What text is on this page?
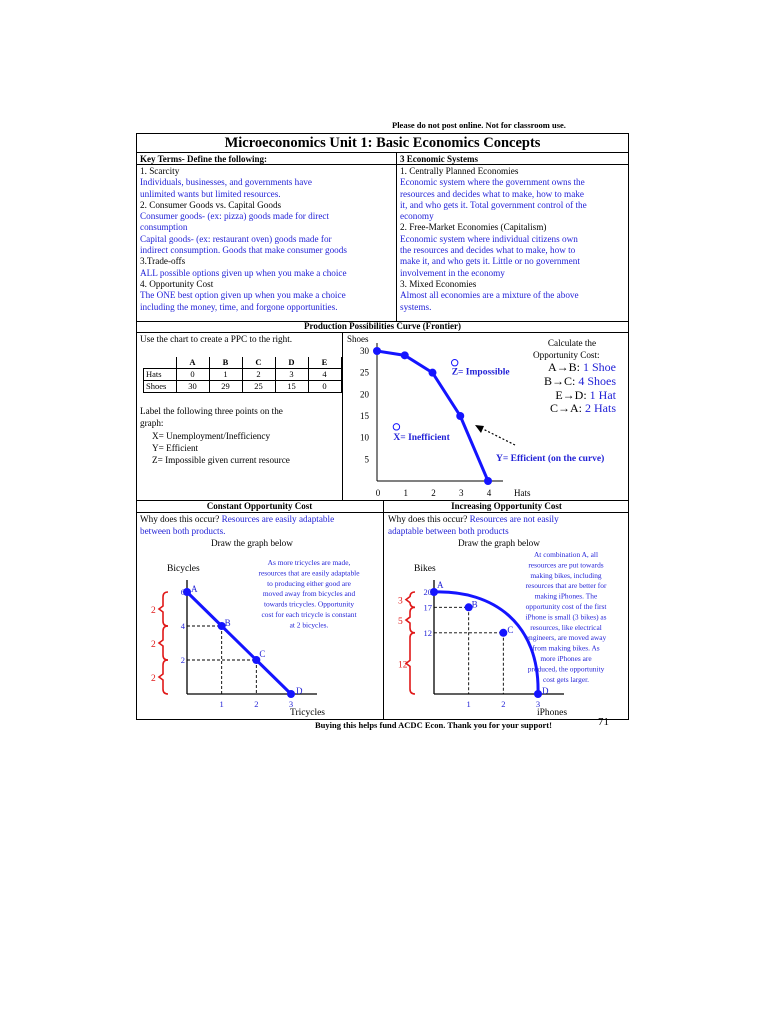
Please do not post online. Not for classroom use.
Microeconomics Unit 1: Basic Economics Concepts
Key Terms- Define the following:
1. Scarcity
Individuals, businesses, and governments have
unlimited wants but limited resources.
2. Consumer Goods vs. Capital Goods
Consumer goods- (ex: pizza) goods made for direct
consumption
Capital goods- (ex: restaurant oven) goods made for
indirect consumption. Goods that make consumer goods
3.Trade-offs
ALL possible options given up when you make a choice
4. Opportunity Cost
The ONE best option given up when you make a choice
including the money, time, and forgone opportunities.
3 Economic Systems
1. Centrally Planned Economies
Economic system where the government owns the
resources and decides what to make, how to make
it, and who gets it. Total government control of the
economy
2. Free-Market Economies (Capitalism)
Economic system where individual citizens own
the resources and decides what to make, how to
make it, and who gets it. Little or no government
involvement in the economy
3. Mixed Economies
Almost all economies are a mixture of the above
systems.
Production Possibilities Curve (Frontier)
Use the chart to create a PPC to the right.
	A	B	C	D	E
Hats	0	1	2	3	4
Shoes	30	29	25	15	0
Label the following three points on the
graph:
X= Unemployment/Inefficiency
Y= Efficient
Z= Impossible given current resource
Shoes
5
10
15
20
25
30
0	1	2	3	4	Hats
Z= Impossible
X= Inefficient
Y= Efficient (on the curve)
Calculate the
Opportunity Cost:
A→B: 1 Shoe
B→C: 4 Shoes
E→D: 1 Hat
C→A: 2 Hats
Constant Opportunity Cost
Why does this occur? Resources are easily adaptable
between both products.
Draw the graph below
Bicycles
A
B
C
D
6
4
2
1	2	3
Tricycles
2
2
2
As more tricycles are made,
resources that are easily adaptable
to producing either good are
moved away from bicycles and
towards tricycles. Opportunity
cost for each tricycle is constant
at 2 bicycles.
Increasing Opportunity Cost
Why does this occur? Resources are not easily
adaptable between both products
Draw the graph below
Bikes
A
B
C
D
20
17
12
1	2	3
iPhones
3
5
12
At combination A, all
resources are put towards
making bikes, including
resources that are better for
making iPhones. The
opportunity cost of the first
iPhone is small (3 bikes) as
resources, like electrical
engineers, are moved away
from making bikes. As
more iPhones are
produced, the opportunity
cost gets larger.
Buying this helps fund ACDC Econ. Thank you for your support!	71
